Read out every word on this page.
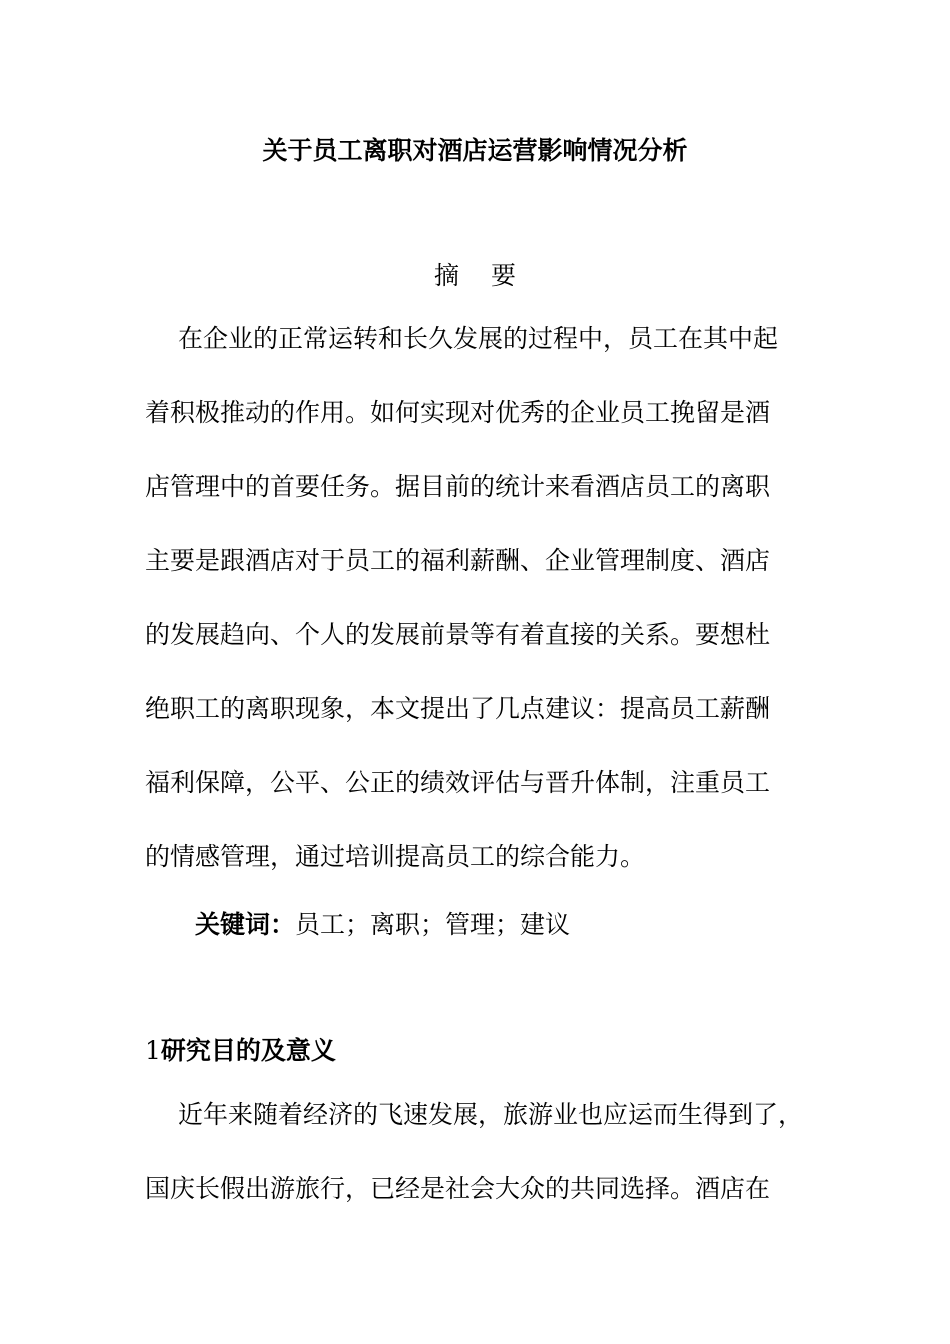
关于员工离职对酒店运营影响情况分析
摘 要
在企业的正常运转和长久发展的过程中，员工在其中起
着积极推动的作用。如何实现对优秀的企业员工挽留是酒
店管理中的首要任务。据目前的统计来看酒店员工的离职
主要是跟酒店对于员工的福利薪酬、企业管理制度、酒店
的发展趋向、个人的发展前景等有着直接的关系。要想杜
绝职工的离职现象，本文提出了几点建议：提高员工薪酬
福利保障，公平、公正的绩效评估与晋升体制，注重员工
的情感管理，通过培训提高员工的综合能力。
关键词：员工；离职；管理；建议
1研究目的及意义
近年来随着经济的飞速发展，旅游业也应运而生得到了，
国庆长假出游旅行，已经是社会大众的共同选择。酒店在
